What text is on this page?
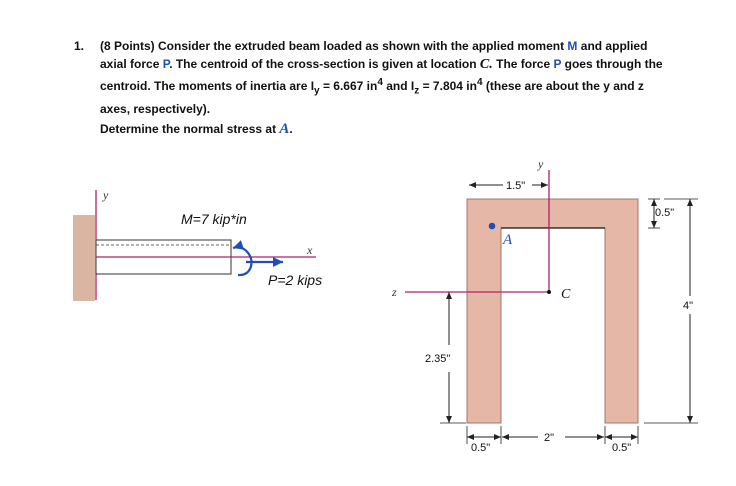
1. (8 Points) Consider the extruded beam loaded as shown with the applied moment M and applied
axial force P. The centroid of the cross-section is given at location C. The force P goes through the
centroid. The moments of inertia are $I_y = 6.667$ $in^4$ and $I_z = 7.804$ $in^4$ (these are about the y and z
axes, respectively).
Determine the normal stress at A.
y
x
M=7 kip*in
P=2 kips
y
z
A
C
1.5"
0.5"
4"
2.35"
0.5"
2"
0.5"
